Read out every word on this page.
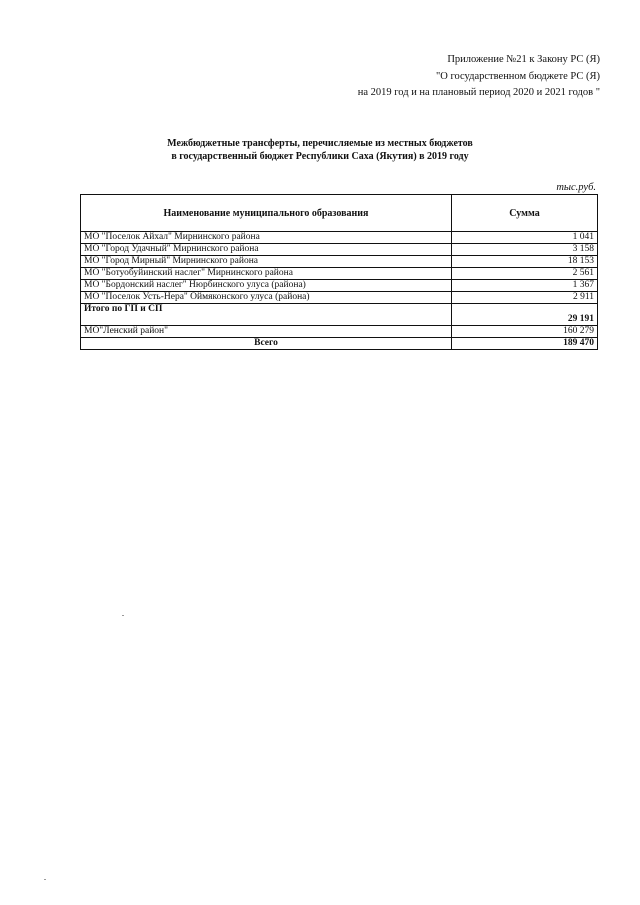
Приложение №21 к Закону РС (Я)
"О государственном бюджете РС (Я)
на 2019 год и на плановый период 2020 и 2021 годов "
Межбюджетные трансферты, перечисляемые из местных бюджетов
в государственный бюджет Республики Саха (Якутия) в 2019 году
тыс.руб.
Наименование муниципального образования	Сумма
МО "Поселок Айхал" Мирнинского района	1 041
МО "Город Удачный" Мирнинского района	3 158
МО "Город Мирный" Мирнинского района	18 153
МО "Ботуобуйинский наслег" Мирнинского района	2 561
МО "Бордонский наслег" Нюрбинского улуса (района)	1 367
МО "Поселок Усть-Нера" Оймяконского улуса (района)	2 911
Итого по ГП и СП	29 191
МО"Ленский район"	160 279
Всего	189 470
